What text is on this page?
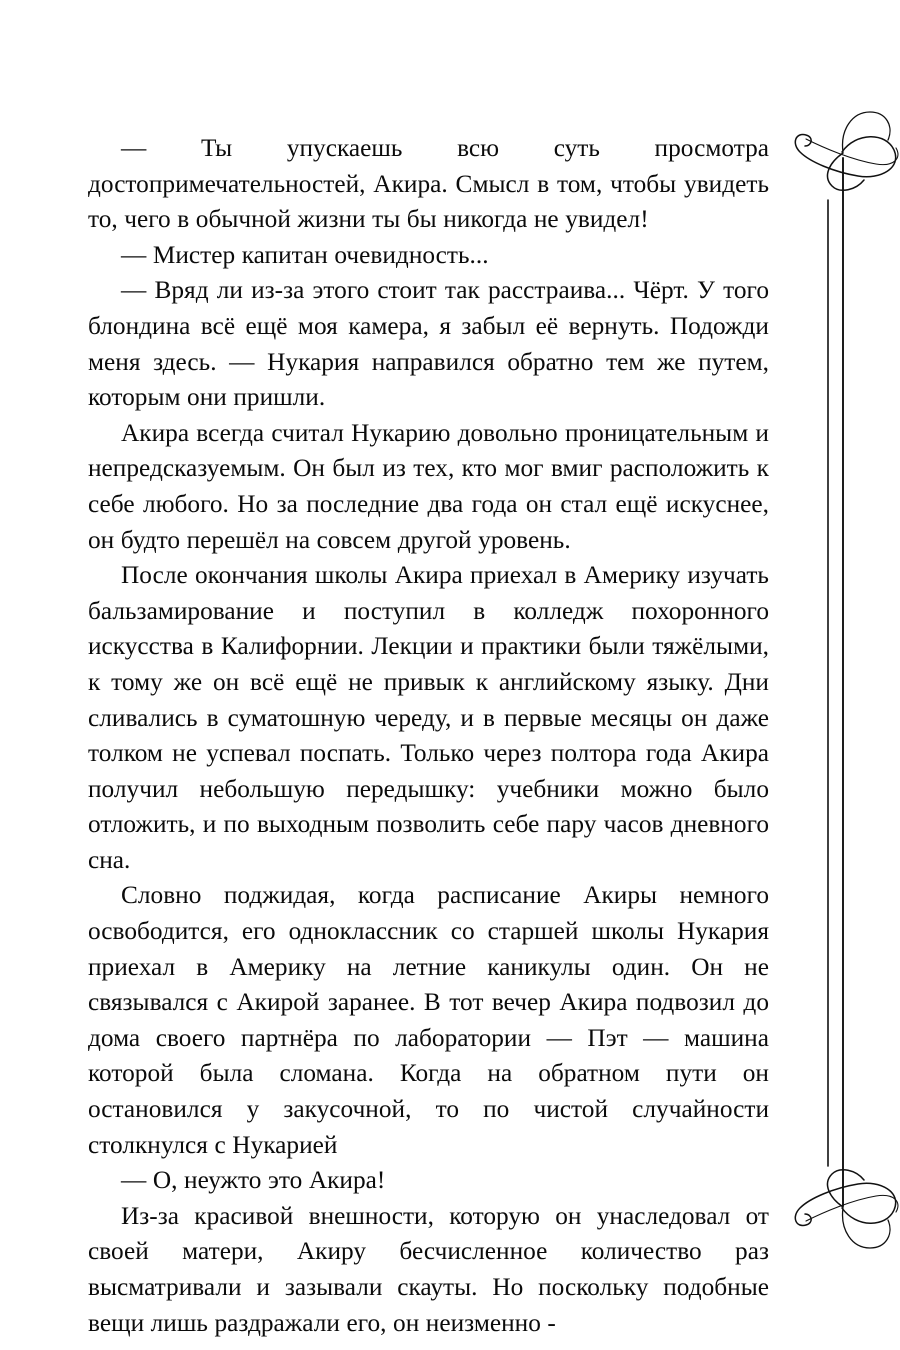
— Ты упускаешь всю суть просмотра достопримечательностей, Акира. Смысл в том, чтобы увидеть то, чего в обычной жизни ты бы никогда не увидел!

— Мистер капитан очевидность...

— Вряд ли из-за этого стоит так расстраива... Чёрт. У того блондина всё ещё моя камера, я забыл её вернуть. Подожди меня здесь. — Нукария направился обратно тем же путем, которым они пришли.

Акира всегда считал Нукарию довольно проницательным и непредсказуемым. Он был из тех, кто мог вмиг расположить к себе любого. Но за последние два года он стал ещё искуснее, он будто перешёл на совсем другой уровень.

После окончания школы Акира приехал в Америку изучать бальзамирование и поступил в колледж похоронного искусства в Калифорнии. Лекции и практики были тяжёлыми, к тому же он всё ещё не привык к английскому языку. Дни сливались в суматошную череду, и в первые месяцы он даже толком не успевал поспать. Только через полтора года Акира получил небольшую передышку: учебники можно было отложить, и по выходным позволить себе пару часов дневного сна.

Словно поджидая, когда расписание Акиры немного освободится, его одноклассник со старшей школы Нукария приехал в Америку на летние каникулы один. Он не связывался с Акирой заранее. В тот вечер Акира подвозил до дома своего партнёра по лаборатории — Пэт — машина которой была сломана. Когда на обратном пути он остановился у закусочной, то по чистой случайности столкнулся с Нукарией

— О, неужто это Акира!

Из-за красивой внешности, которую он унаследовал от своей матери, Акиру бесчисленное количество раз высматривали и зазывали скауты. Но поскольку подобные вещи лишь раздражали его, он неизменно -
